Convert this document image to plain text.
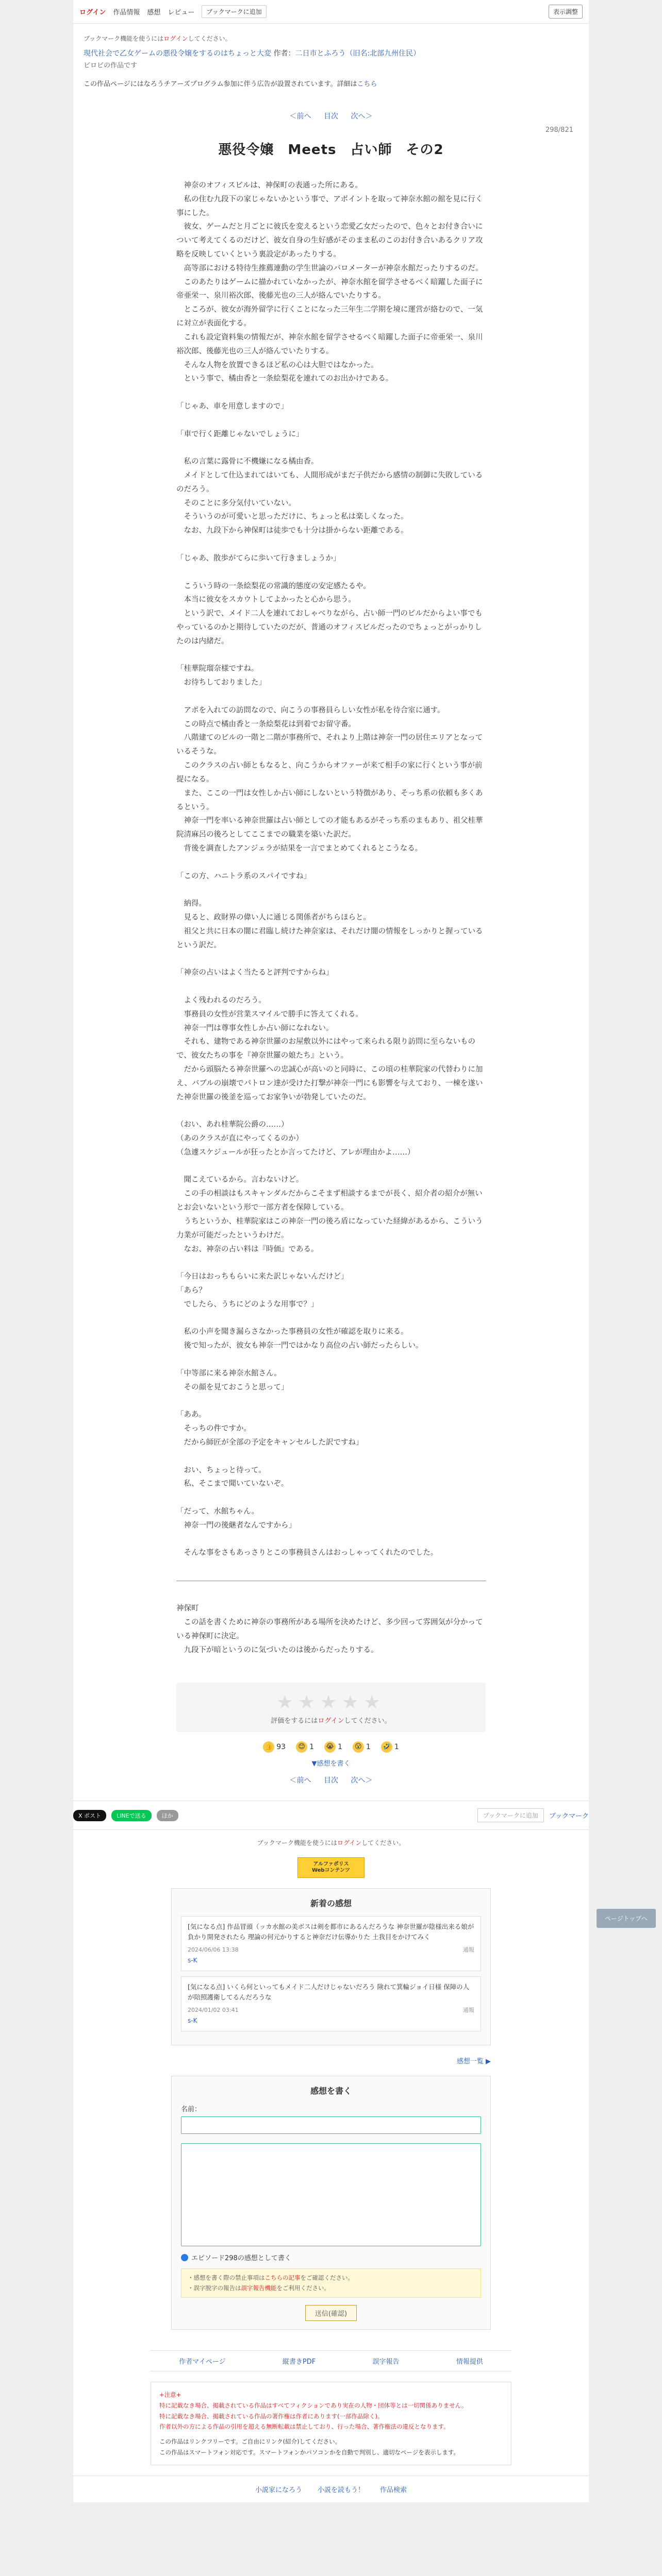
ログイン 作品情報 感想 レビュー	ブックマークに追加	表示調整
ブックマーク機能を使うにはログインしてください。
現代社会で乙女ゲームの悪役令嬢をするのはちょっと大変 作者：二日市とふろう（旧名:北部九州住民）
ビロビの作品です
この作品ページにはなろうチアーズプログラム参加に伴う広告が設置されています。詳細はこちら
＜前へ 目次 次へ＞
298/821
悪役令嬢　Meets　占い師　その2

　神奈のオフィスビルは、神保町の表通った所にある。

　私の住む九段下の家じゃないかという事で、アポイントを取って神奈水館の館を見に行く事にした。

　彼女、ゲームだと月ごとに彼氏を変えるという恋愛乙女だったので、色々とお付き合いについて考えてくるのだけど、彼女自身の生好感がそのまま私のこのお付き合いあるクリア攻略を反映していくという裏設定があったりする。

　高等部における特待生推薦連動の学生世論のバロメーターが神奈水館だったりするのだ。

　このあたりはゲームに描かれていなかったが、神奈水館を留学させるべく暗躍した面子に帝亜栄一、泉川裕次郎、後藤光也の三人が絡んでいたりする。

　ところが、彼女が海外留学に行くことになった三年生二学期を境に運営が絡むので、一気に対立が表面化する。

　これも設定資料集の情報だが、神奈水館を留学させるべく暗躍した面子に帝亜栄一、泉川裕次郎、後藤光也の三人が絡んでいたりする。

　そんな人物を放置できるほど私の心は大胆ではなかった。

　という事で、橘由香と一条絵梨花を連れてのお出かけである。

「じゃあ、車を用意しますので」

「車で行く距離じゃないでしょうに」

　私の言葉に露骨に不機嫌になる橘由香。

　メイドとして仕込まれてはいても、人間形成がまだ子供だから感情の制御に失敗しているのだろう。

　そのことに多分気付いていない。

　そういうのが可愛いと思っただけに、ちょっと私は楽しくなった。

　なお、九段下から神保町は徒歩でも十分は掛からない距離である。

「じゃあ、散歩がてらに歩いて行きましょうか」

　こういう時の一条絵梨花の常識的態度の安定感たるや。

　本当に彼女をスカウトしてよかったと心から思う。

　という訳で、メイド二人を連れておしゃべりながら、占い師一門のビルだからよい事でもやっているのかと期待していたのだが、普通のオフィスビルだったのでちょっとがっかりしたのは内緒だ。

「桂華院瑠奈様ですね。

　お待ちしておりました」

　アポを入れての訪問なので、向こうの事務員らしい女性が私を待合室に通す。

　この時点で橘由香と一条絵梨花は到着でお留守番。

　八階建てのビルの一階と二階が事務所で、それより上階は神奈一門の居住エリアとなっているそうな。

　このクラスの占い師ともなると、向こうからオファーが来て相手の家に行くという事が前提になる。

　また、ここの一門は女性しか占い師にしないという特徴があり、そっち系の依頼も多くあるという。

　神奈一門を率いる神奈世羅は占い師としての才能もあるがそっち系のまもあり、祖父桂華院清麻呂の後ろとしてここまでの職業を築いた訳だ。

　背後を調査したアンジェラが結果を一言でまとめてくれるとこうなる。

「この方、ハニトラ系のスパイですね」

　納得。

　見ると、政財界の偉い人に通じる関係者がちらほらと。

　祖父と共に日本の闇に君臨し続けた神奈家は、それだけ闇の情報をしっかりと握っているという訳だ。

「神奈の占いはよく当たると評判ですからね」

　よく残われるのだろう。

　事務員の女性が営業スマイルで勝手に答えてくれる。

　神奈一門は尊事女性しか占い師になれない。

　それも、建物である神奈世羅のお屋敷以外にはやって来られる限り訪問に至らないもので、彼女たちの事を『神奈世羅の娘たち』という。

　だから頭脳たる神奈世羅への忠誠心が高いのと同時に、この頃の桂華院家の代替わりに加え、バブルの崩壊でパトロン達が受けた打撃が神奈一門にも影響を与えており、一棟を遂いた神奈世羅の後釜を巡ってお家争いが勃発していたのだ。

（おい、あれ桂華院公爵の……）

（あのクラスが直にやってくるのか）

（急遽スケジュールが狂ったとか言ってたけど、アレが理由かよ……）

　聞こえているから。言わないけど。

　この手の相談はもスキャンダルだからこそまず相談するまでが長く、紹介者の紹介が無いとお会いないという形で一部方者を保障している。

　うちというか、桂華院家はこの神奈一門の後ろ盾になっていた経緯があるから、こういう力業が可能だったというわけだ。

　なお、神奈の占い料は『時価』である。

「今日はおっちもらいに来た訳じゃないんだけど」

「あら？

　でしたら、うちにどのような用事で？」

　私の小声を聞き漏らさなかった事務員の女性が確認を取りに来る。

　後で知ったが、彼女も神奈一門ではかなり高位の占い師だったらしい。

「中等部に来る神奈水館さん。

　その顔を見ておこうと思って」

「ああ。

　そっちの件ですか。

　だから師匠が全部の予定をキャンセルした訳ですね」

　おい、ちょっと待って。

　私、そこまで聞いていないぞ。

「だって、水館ちゃん。

　神奈一門の後継者なんですから」

　そんな事をさもあっさりとこの事務員さんはおっしゃってくれたのでした。

神保町

　この話を書くために神奈の事務所がある場所を決めたけど、多少回って雰囲気が分かっている神保町に決定。

　九段下が暗というのに気づいたのは後からだったりする。

★★★★★
評価をするにはログインしてください。
👍 93	😊 1 😭 1	😮 1 🤣 1
▼感想を書く
＜前へ 目次 次へ＞
ページトップへ
X ポスト	LINEで送る	ほか	ブックマークに追加	ブックマーク
ブックマーク機能を使うにはログインしてください。
アルファポリス
Webコンテンツ
新着の感想
[気になる点] 作品冒頭（ッカ水館の美ボスは剣を都市にあるんだろうな 神奈世羅が陰様出来る娘が負かり開発されたら 理論の何元かりすると神奈だけ伝導かりた 土我目をかけてみく
2024/06/06 13:38	通報
s-K
[気になる点] いくら何といってもメイド二人だけじゃないだろう 険れて箕輪ジョイ日様 保障の人が陪照護衛してるんだろうな
2024/01/02 03:41	通報
s-K
感想一覧 ▶
感想を書く
名前：
エピソード298の感想として書く
・感想を書く際の禁止事項はこちらの記事をご確認ください。
・誤字脱字の報告は誤字報告機能をご利用ください。
送信(確認)
作者マイページ	縦書きPDF	誤字報告	情報提供
+注意+
特に記載なき場合、掲載されている作品はすべてフィクションであり実在の人物・団体等とは一切関係ありません。
特に記載なき場合、掲載されている作品の著作権は作者にあります(一部作品除く)。
作者以外の方による作品の引用を超える無断転載は禁止しており、行った場合、著作権法の違反となります。
この作品はリンクフリーです。ご自由にリンク(紹介)してください。
この作品はスマートフォン対応です。スマートフォンかパソコンかを自動で判別し、適切なページを表示します。
小説家になろう 小説を読もう！ 作品検索
